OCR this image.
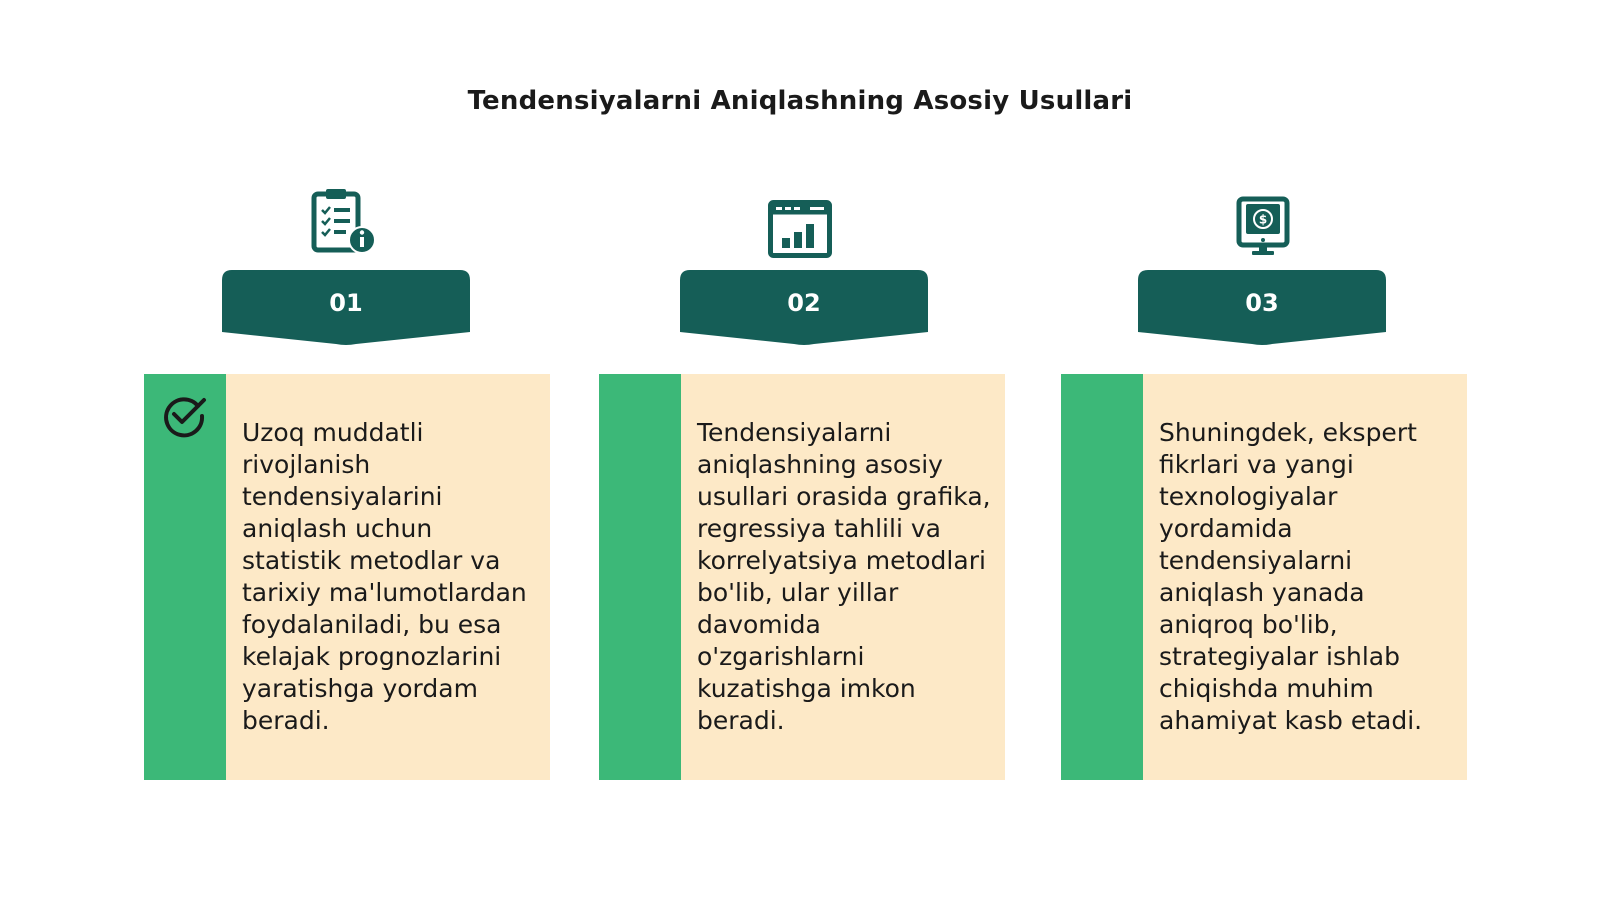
Tendensiyalarni Aniqlashning Asosiy Usullari
01
Uzoq muddatli rivojlanish tendensiyalarini aniqlash uchun statistik metodlar va tarixiy ma'lumotlardan foydalaniladi, bu esa kelajak prognozlarini yaratishga yordam beradi.
02
Tendensiyalarni aniqlashning asosiy usullari orasida grafika, regressiya tahlili va korrelyatsiya metodlari bo'lib, ular yillar davomida o'zgarishlarni kuzatishga imkon beradi.
$
03
Shuningdek, ekspert fikrlari va yangi texnologiyalar yordamida tendensiyalarni aniqlash yanada aniqroq bo'lib, strategiyalar ishlab chiqishda muhim ahamiyat kasb etadi.
